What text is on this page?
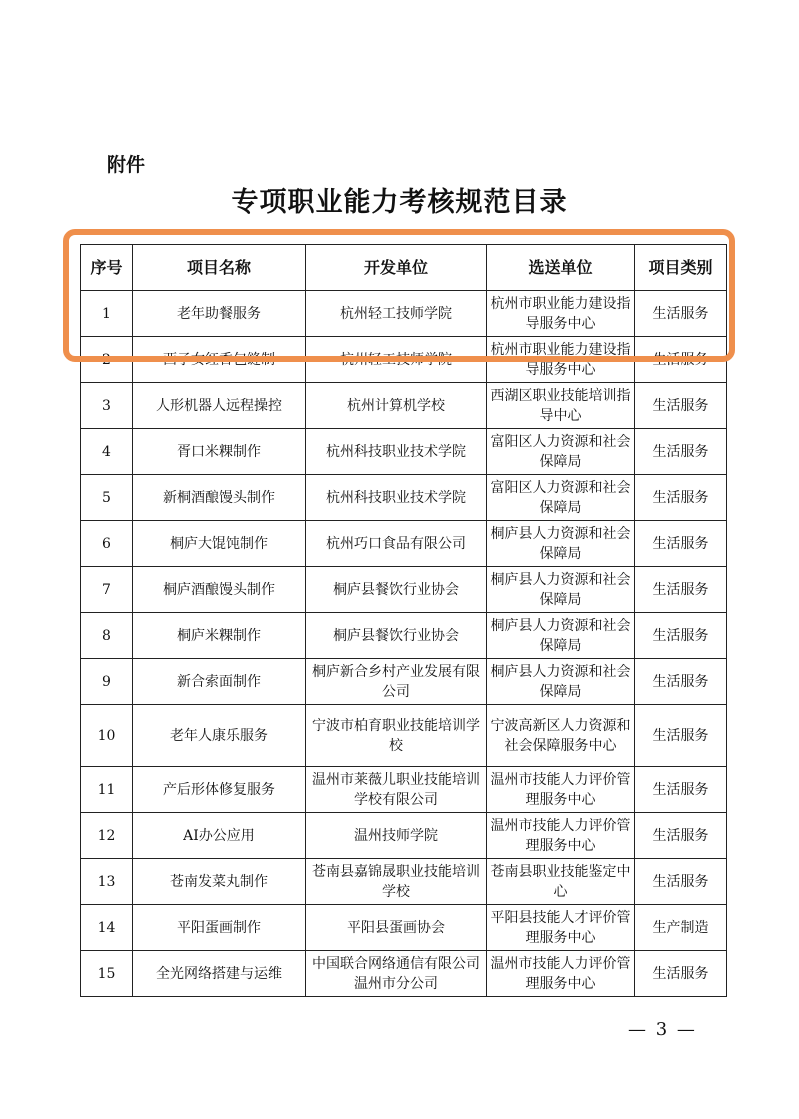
附件
专项职业能力考核规范目录
序号	项目名称	开发单位	选送单位	项目类别
1	老年助餐服务	杭州轻工技师学院	杭州市职业能力建设指导服务中心	生活服务
2	西子女红香包缝制	杭州轻工技师学院	杭州市职业能力建设指导服务中心	生活服务
3	人形机器人远程操控	杭州计算机学校	西湖区职业技能培训指导中心	生活服务
4	胥口米粿制作	杭州科技职业技术学院	富阳区人力资源和社会保障局	生活服务
5	新桐酒酿馒头制作	杭州科技职业技术学院	富阳区人力资源和社会保障局	生活服务
6	桐庐大馄饨制作	杭州巧口食品有限公司	桐庐县人力资源和社会保障局	生活服务
7	桐庐酒酿馒头制作	桐庐县餐饮行业协会	桐庐县人力资源和社会保障局	生活服务
8	桐庐米粿制作	桐庐县餐饮行业协会	桐庐县人力资源和社会保障局	生活服务
9	新合索面制作	桐庐新合乡村产业发展有限公司	桐庐县人力资源和社会保障局	生活服务
10	老年人康乐服务	宁波市柏育职业技能培训学校	宁波高新区人力资源和社会保障服务中心	生活服务
11	产后形体修复服务	温州市莱薇儿职业技能培训学校有限公司	温州市技能人力评价管理服务中心	生活服务
12	AI办公应用	温州技师学院	温州市技能人力评价管理服务中心	生活服务
13	苍南发菜丸制作	苍南县嘉锦晟职业技能培训学校	苍南县职业技能鉴定中心	生活服务
14	平阳蛋画制作	平阳县蛋画协会	平阳县技能人才评价管理服务中心	生产制造
15	全光网络搭建与运维	中国联合网络通信有限公司温州市分公司	温州市技能人力评价管理服务中心	生活服务
— 3 —
